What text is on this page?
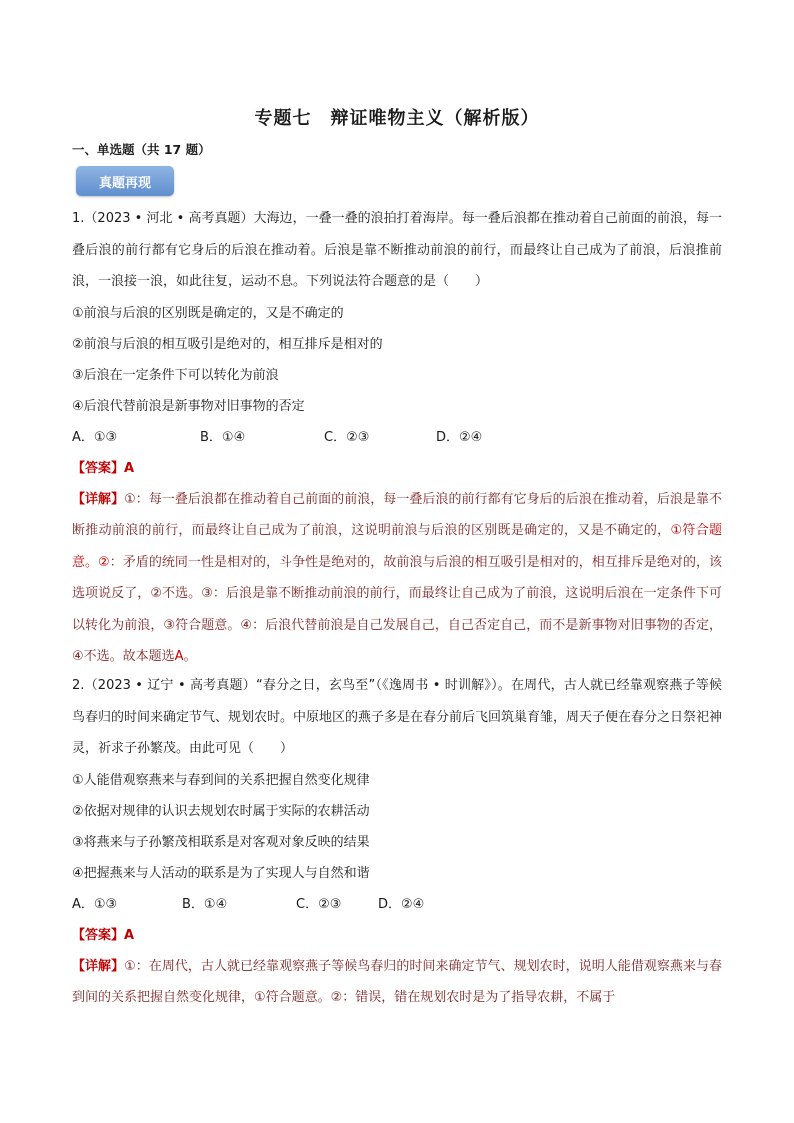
专题七　辩证唯物主义（解析版）
一、单选题（共 17 题）
真题再现

1.（2023 • 河北 • 高考真题）大海边，一叠一叠的浪拍打着海岸。每一叠后浪都在推动着自己前面的前浪，每一叠后浪的前行都有它身后的后浪在推动着。后浪是靠不断推动前浪的前行，而最终让自己成为了前浪，后浪推前浪，一浪接一浪，如此往复，运动不息。下列说法符合题意的是（　　）

①前浪与后浪的区别既是确定的，又是不确定的
②前浪与后浪的相互吸引是绝对的，相互排斥是相对的
③后浪在一定条件下可以转化为前浪
④后浪代替前浪是新事物对旧事物的否定
A．①③	B．①④	C．②③	D．②④
【答案】A

【详解】①：每一叠后浪都在推动着自己前面的前浪，每一叠后浪的前行都有它身后的后浪在推动着，后浪是靠不断推动前浪的前行，而最终让自己成为了前浪，这说明前浪与后浪的区别既是确定的，又是不确定的，①符合题意。②：矛盾的统同一性是相对的，斗争性是绝对的，故前浪与后浪的相互吸引是相对的，相互排斥是绝对的，该选项说反了，②不选。③：后浪是靠不断推动前浪的前行，而最终让自己成为了前浪，这说明后浪在一定条件下可以转化为前浪，③符合题意。④：后浪代替前浪是自己发展自己，自己否定自己，而不是新事物对旧事物的否定，④不选。故本题选A。

2.（2023 • 辽宁 • 高考真题）“春分之日，玄鸟至”（《逸周书 • 时训解》）。在周代，古人就已经靠观察燕子等候鸟春归的时间来确定节气、规划农时。中原地区的燕子多是在春分前后飞回筑巢育雏，周天子便在春分之日祭祀神灵，祈求子孙繁茂。由此可见（　　）

①人能借观察燕来与春到间的关系把握自然变化规律
②依据对规律的认识去规划农时属于实际的农耕活动
③将燕来与子孙繁茂相联系是对客观对象反映的结果
④把握燕来与人活动的联系是为了实现人与自然和谐
A．①③	B．①④	C．②③	D．②④
【答案】A

【详解】①：在周代，古人就已经靠观察燕子等候鸟春归的时间来确定节气、规划农时，说明人能借观察燕来与春到间的关系把握自然变化规律，①符合题意。②：错误，错在规划农时是为了指导农耕，不属于
